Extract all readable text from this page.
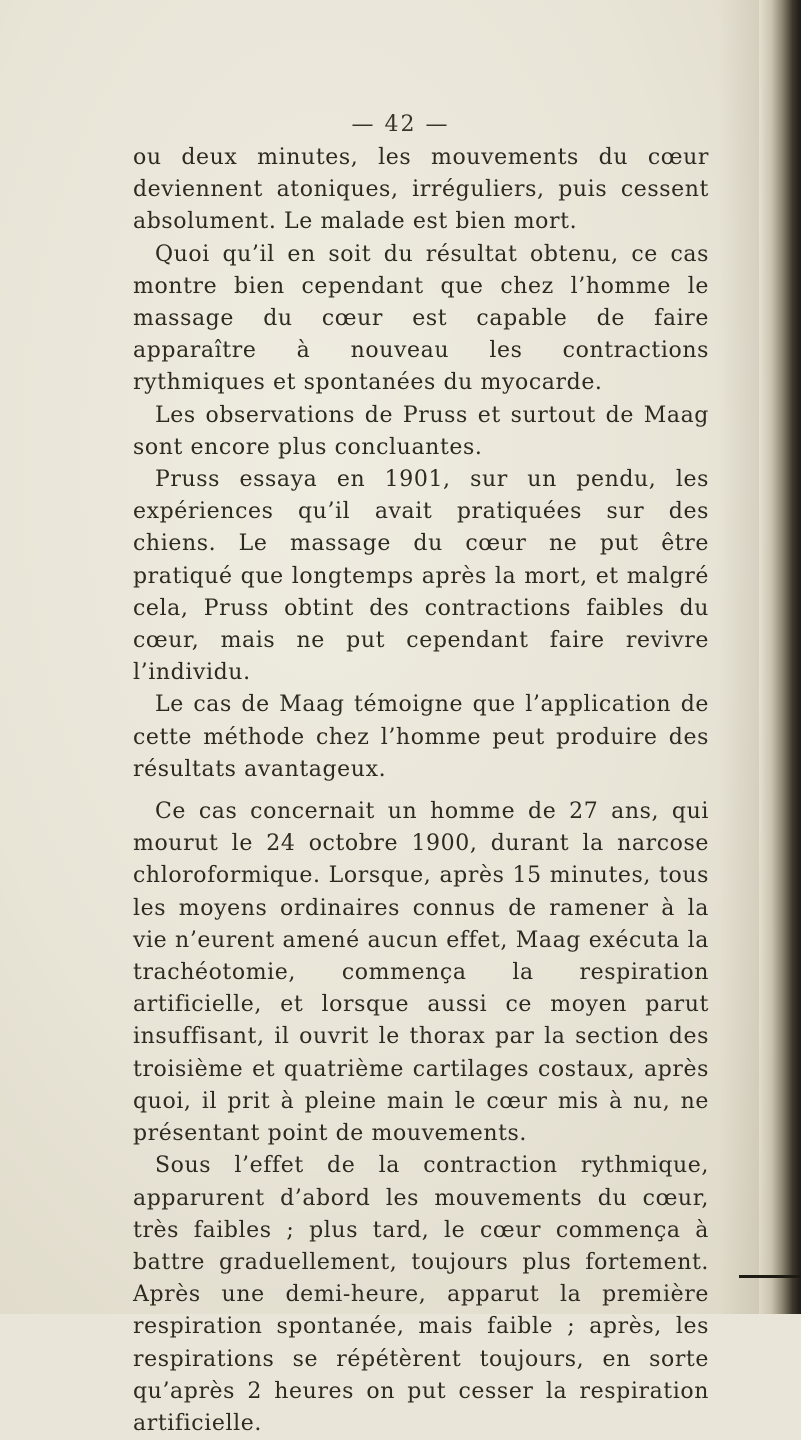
— 42 —

ou deux minutes, les mouvements du cœur deviennent atoniques, irréguliers, puis cessent absolument. Le malade est bien mort.

Quoi qu’il en soit du résultat obtenu, ce cas montre bien cependant que chez l’homme le massage du cœur est capable de faire apparaître à nouveau les contractions rythmiques et spontanées du myocarde.

Les observations de Pruss et surtout de Maag sont encore plus concluantes.

Pruss essaya en 1901, sur un pendu, les expériences qu’il avait pratiquées sur des chiens. Le massage du cœur ne put être pratiqué que longtemps après la mort, et malgré cela, Pruss obtint des contractions faibles du cœur, mais ne put cependant faire revivre l’individu.

Le cas de Maag témoigne que l’application de cette méthode chez l’homme peut produire des résultats avantageux.

Ce cas concernait un homme de 27 ans, qui mourut le 24 octobre 1900, durant la narcose chloroformique. Lorsque, après 15 minutes, tous les moyens ordinaires connus de ramener à la vie n’eurent amené aucun effet, Maag exécuta la trachéotomie, commença la respiration artificielle, et lorsque aussi ce moyen parut insuffisant, il ouvrit le thorax par la section des troisième et quatrième cartilages costaux, après quoi, il prit à pleine main le cœur mis à nu, ne présentant point de mouvements.

Sous l’effet de la contraction rythmique, apparurent d’abord les mouvements du cœur, très faibles ; plus tard, le cœur commença à battre graduellement, toujours plus fortement. Après une demi-heure, apparut la première respiration spontanée, mais faible ; après, les respirations se répétèrent toujours, en sorte qu’après 2 heures on put cesser la respiration artificielle.
